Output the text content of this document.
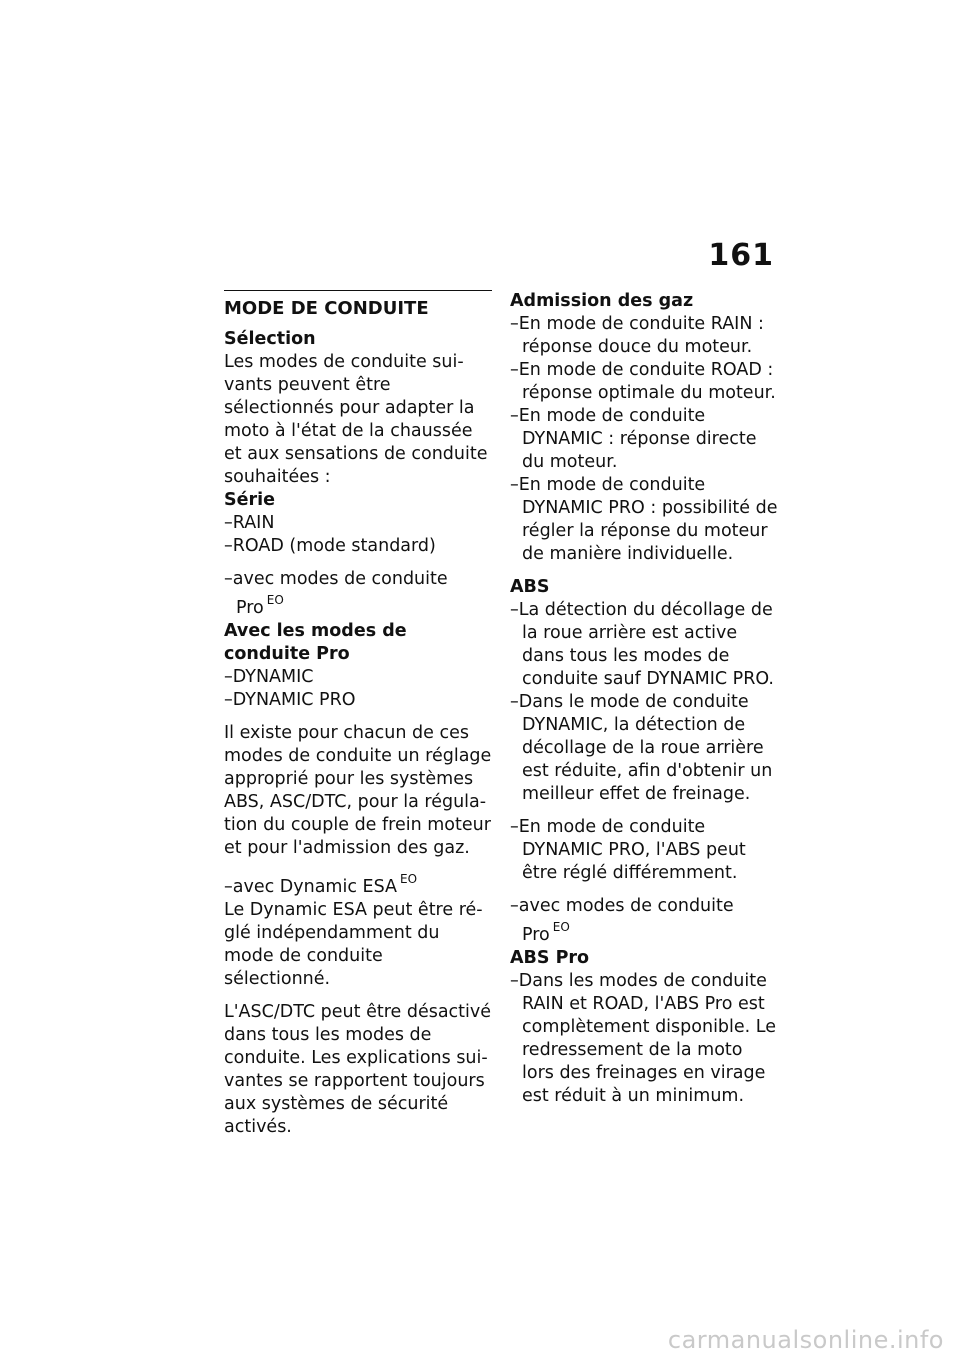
161
MODE DE CONDUITE

Sélection

Les modes de conduite suivants peuvent être sélectionnés pour adapter la moto à l'état de la chaussée et aux sensations de conduite souhaitées :

Série

– RAIN
– ROAD (mode standard)
– avec modes de conduite
Pro $^{EO}$

Avec les modes de conduite Pro

– DYNAMIC
– DYNAMIC PRO

Il existe pour chacun de ces modes de conduite un réglage approprié pour les systèmes ABS, ASC/DTC, pour la régulation du couple de frein moteur et pour l'admission des gaz.

– avec Dynamic ESA $^{EO}$

Le Dynamic ESA peut être réglé indépendamment du mode de conduite sélectionné.

L'ASC/DTC peut être désactivé dans tous les modes de conduite. Les explications suivantes se rapportent toujours aux systèmes de sécurité activés.

Admission des gaz

– En mode de conduite RAIN : réponse douce du moteur.
– En mode de conduite ROAD : réponse optimale du moteur.
– En mode de conduite DYNAMIC : réponse directe du moteur.
– En mode de conduite DYNAMIC PRO : possibilité de régler la réponse du moteur de manière individuelle.

ABS

– La détection du décollage de la roue arrière est active dans tous les modes de conduite sauf DYNAMIC PRO.
– Dans le mode de conduite DYNAMIC, la détection de décollage de la roue arrière est réduite, afin d'obtenir un meilleur effet de freinage.
– En mode de conduite DYNAMIC PRO, l'ABS peut être réglé différemment.
– avec modes de conduite
Pro $^{EO}$

ABS Pro

– Dans les modes de conduite RAIN et ROAD, l'ABS Pro est complètement disponible. Le redressement de la moto lors des freinages en virage est réduit à un minimum.
carmanualsonline.info
